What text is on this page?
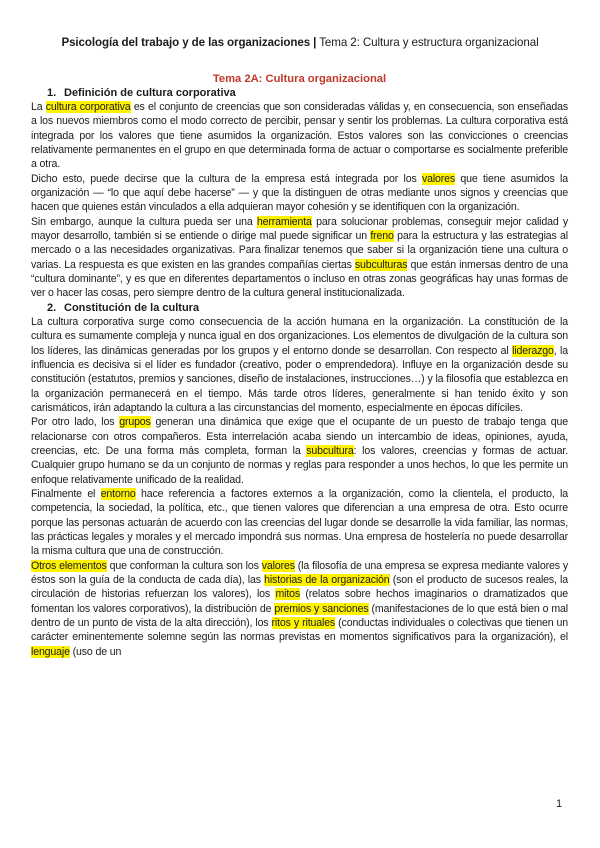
Psicología del trabajo y de las organizaciones | Tema 2: Cultura y estructura organizacional
Tema 2A: Cultura organizacional
1. Definición de cultura corporativa

La cultura corporativa es el conjunto de creencias que son consideradas válidas y, en consecuencia, son enseñadas a los nuevos miembros como el modo correcto de percibir, pensar y sentir los problemas. La cultura corporativa está integrada por los valores que tiene asumidos la organización. Estos valores son las convicciones o creencias relativamente permanentes en el grupo en que determinada forma de actuar o comportarse es socialmente preferible a otra.

Dicho esto, puede decirse que la cultura de la empresa está integrada por los valores que tiene asumidos la organización — “lo que aquí debe hacerse” — y que la distinguen de otras mediante unos signos y creencias que hacen que quienes están vinculados a ella adquieran mayor cohesión y se identifiquen con la organización.

Sin embargo, aunque la cultura pueda ser una herramienta para solucionar problemas, conseguir mejor calidad y mayor desarrollo, también si se entiende o dirige mal puede significar un freno para la estructura y las estrategias al mercado o a las necesidades organizativas. Para finalizar tenemos que saber si la organización tiene una cultura o varias. La respuesta es que existen en las grandes compañías ciertas subculturas que están inmersas dentro de una “cultura dominante”, y es que en diferentes departamentos o incluso en otras zonas geográficas hay unas formas de ver o hacer las cosas, pero siempre dentro de la cultura general institucionalizada.

2. Constitución de la cultura

La cultura corporativa surge como consecuencia de la acción humana en la organización. La constitución de la cultura es sumamente compleja y nunca igual en dos organizaciones. Los elementos de divulgación de la cultura son los líderes, las dinámicas generadas por los grupos y el entorno donde se desarrollan. Con respecto al liderazgo, la influencia es decisiva si el líder es fundador (creativo, poder o emprendedora). Influye en la organización desde su constitución (estatutos, premios y sanciones, diseño de instalaciones, instrucciones…) y la filosofía que establezca en la organización permanecerá en el tiempo. Más tarde otros líderes, generalmente si han tenido éxito y son carismáticos, irán adaptando la cultura a las circunstancias del momento, especialmente en épocas difíciles.

Por otro lado, los grupos generan una dinámica que exige que el ocupante de un puesto de trabajo tenga que relacionarse con otros compañeros. Esta interrelación acaba siendo un intercambio de ideas, opiniones, ayuda, creencias, etc. De una forma más completa, forman la subcultura: los valores, creencias y formas de actuar. Cualquier grupo humano se da un conjunto de normas y reglas para responder a unos hechos, lo que les permite un enfoque relativamente unificado de la realidad.

Finalmente el entorno hace referencia a factores externos a la organización, como la clientela, el producto, la competencia, la sociedad, la política, etc., que tienen valores que diferencian a una empresa de otra. Esto ocurre porque las personas actuarán de acuerdo con las creencias del lugar donde se desarrolle la vida familiar, las normas, las prácticas legales y morales y el mercado impondrá sus normas. Una empresa de hostelería no puede desarrollar la misma cultura que una de construcción.

Otros elementos que conforman la cultura son los valores (la filosofía de una empresa se expresa mediante valores y éstos son la guía de la conducta de cada día), las historias de la organización (son el producto de sucesos reales, la circulación de historias refuerzan los valores), los mitos (relatos sobre hechos imaginarios o dramatizados que fomentan los valores corporativos), la distribución de premios y sanciones (manifestaciones de lo que está bien o mal dentro de un punto de vista de la alta dirección), los ritos y rituales (conductas individuales o colectivas que tienen un carácter eminentemente solemne según las normas previstas en momentos significativos para la organización), el lenguaje (uso de un

1
